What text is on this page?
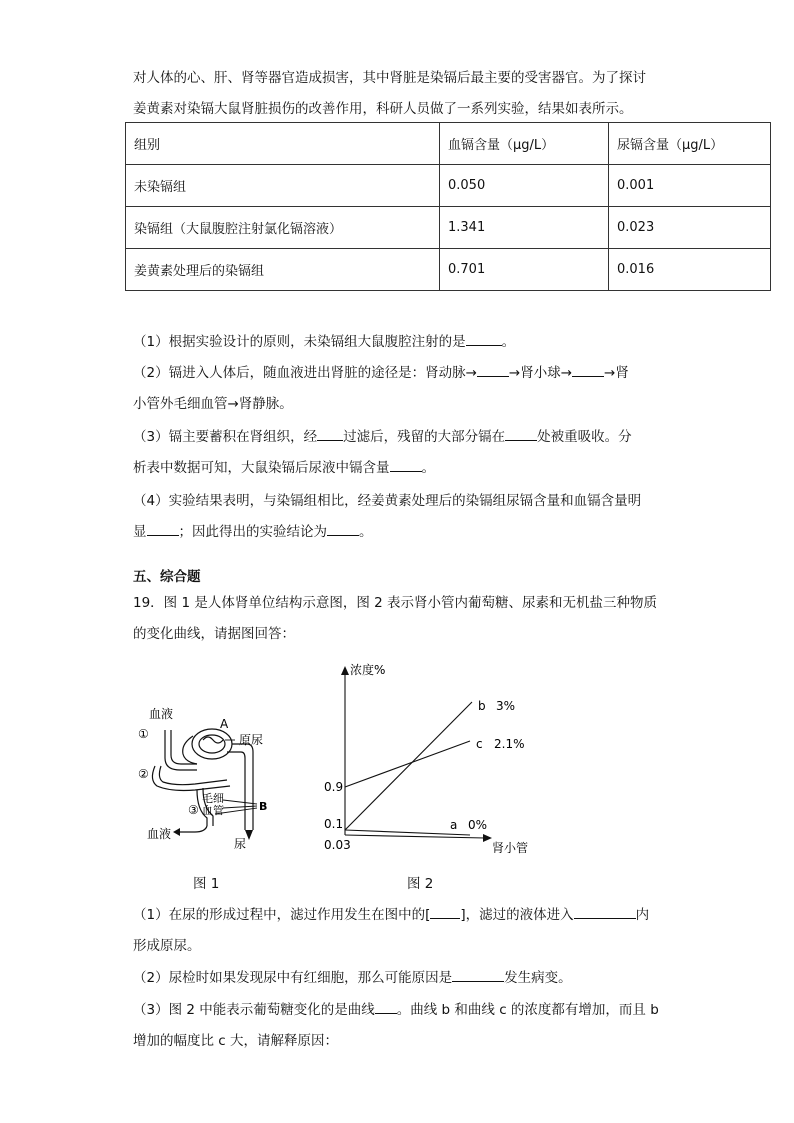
对人体的心、肝、肾等器官造成损害，其中肾脏是染镉后最主要的受害器官。为了探讨
姜黄素对染镉大鼠肾脏损伤的改善作用，科研人员做了一系列实验，结果如表所示。
组别	血镉含量（μg/L）	尿镉含量（μg/L）
未染镉组	0.050	0.001
染镉组（大鼠腹腔注射氯化镉溶液）	1.341	0.023
姜黄素处理后的染镉组	0.701	0.016
（1）根据实验设计的原则，未染镉组大鼠腹腔注射的是	。
（2）镉进入人体后，随血液进出肾脏的途径是：肾动脉→ →肾小球→ →肾
小管外毛细血管→肾静脉。
（3）镉主要蓄积在肾组织，经 过滤后，残留的大部分镉在 处被重吸收。分
析表中数据可知，大鼠染镉后尿液中镉含量 。
（4）实验结果表明，与染镉组相比，经姜黄素处理后的染镉组尿镉含量和血镉含量明
显 ；因此得出的实验结论为 。
五、综合题
19．图 1 是人体肾单位结构示意图，图 2 表示肾小管内葡萄糖、尿素和无机盐三种物质
的变化曲线，请据图回答：
血液
①
A
原尿
②
毛细
③ 血管	B
血液
尿
图 1
浓度%
肾小管
0.9
0.1
0.03
b 3%
c 2.1%
a 0%
图 2
（1）在尿的形成过程中，滤过作用发生在图中的[ ]，滤过的液体进入	内
形成原尿。
（2）尿检时如果发现尿中有红细胞，那么可能原因是	发生病变。
（3）图 2 中能表示葡萄糖变化的是曲线 。曲线 b 和曲线 c 的浓度都有增加，而且 b
增加的幅度比 c 大，请解释原因：
